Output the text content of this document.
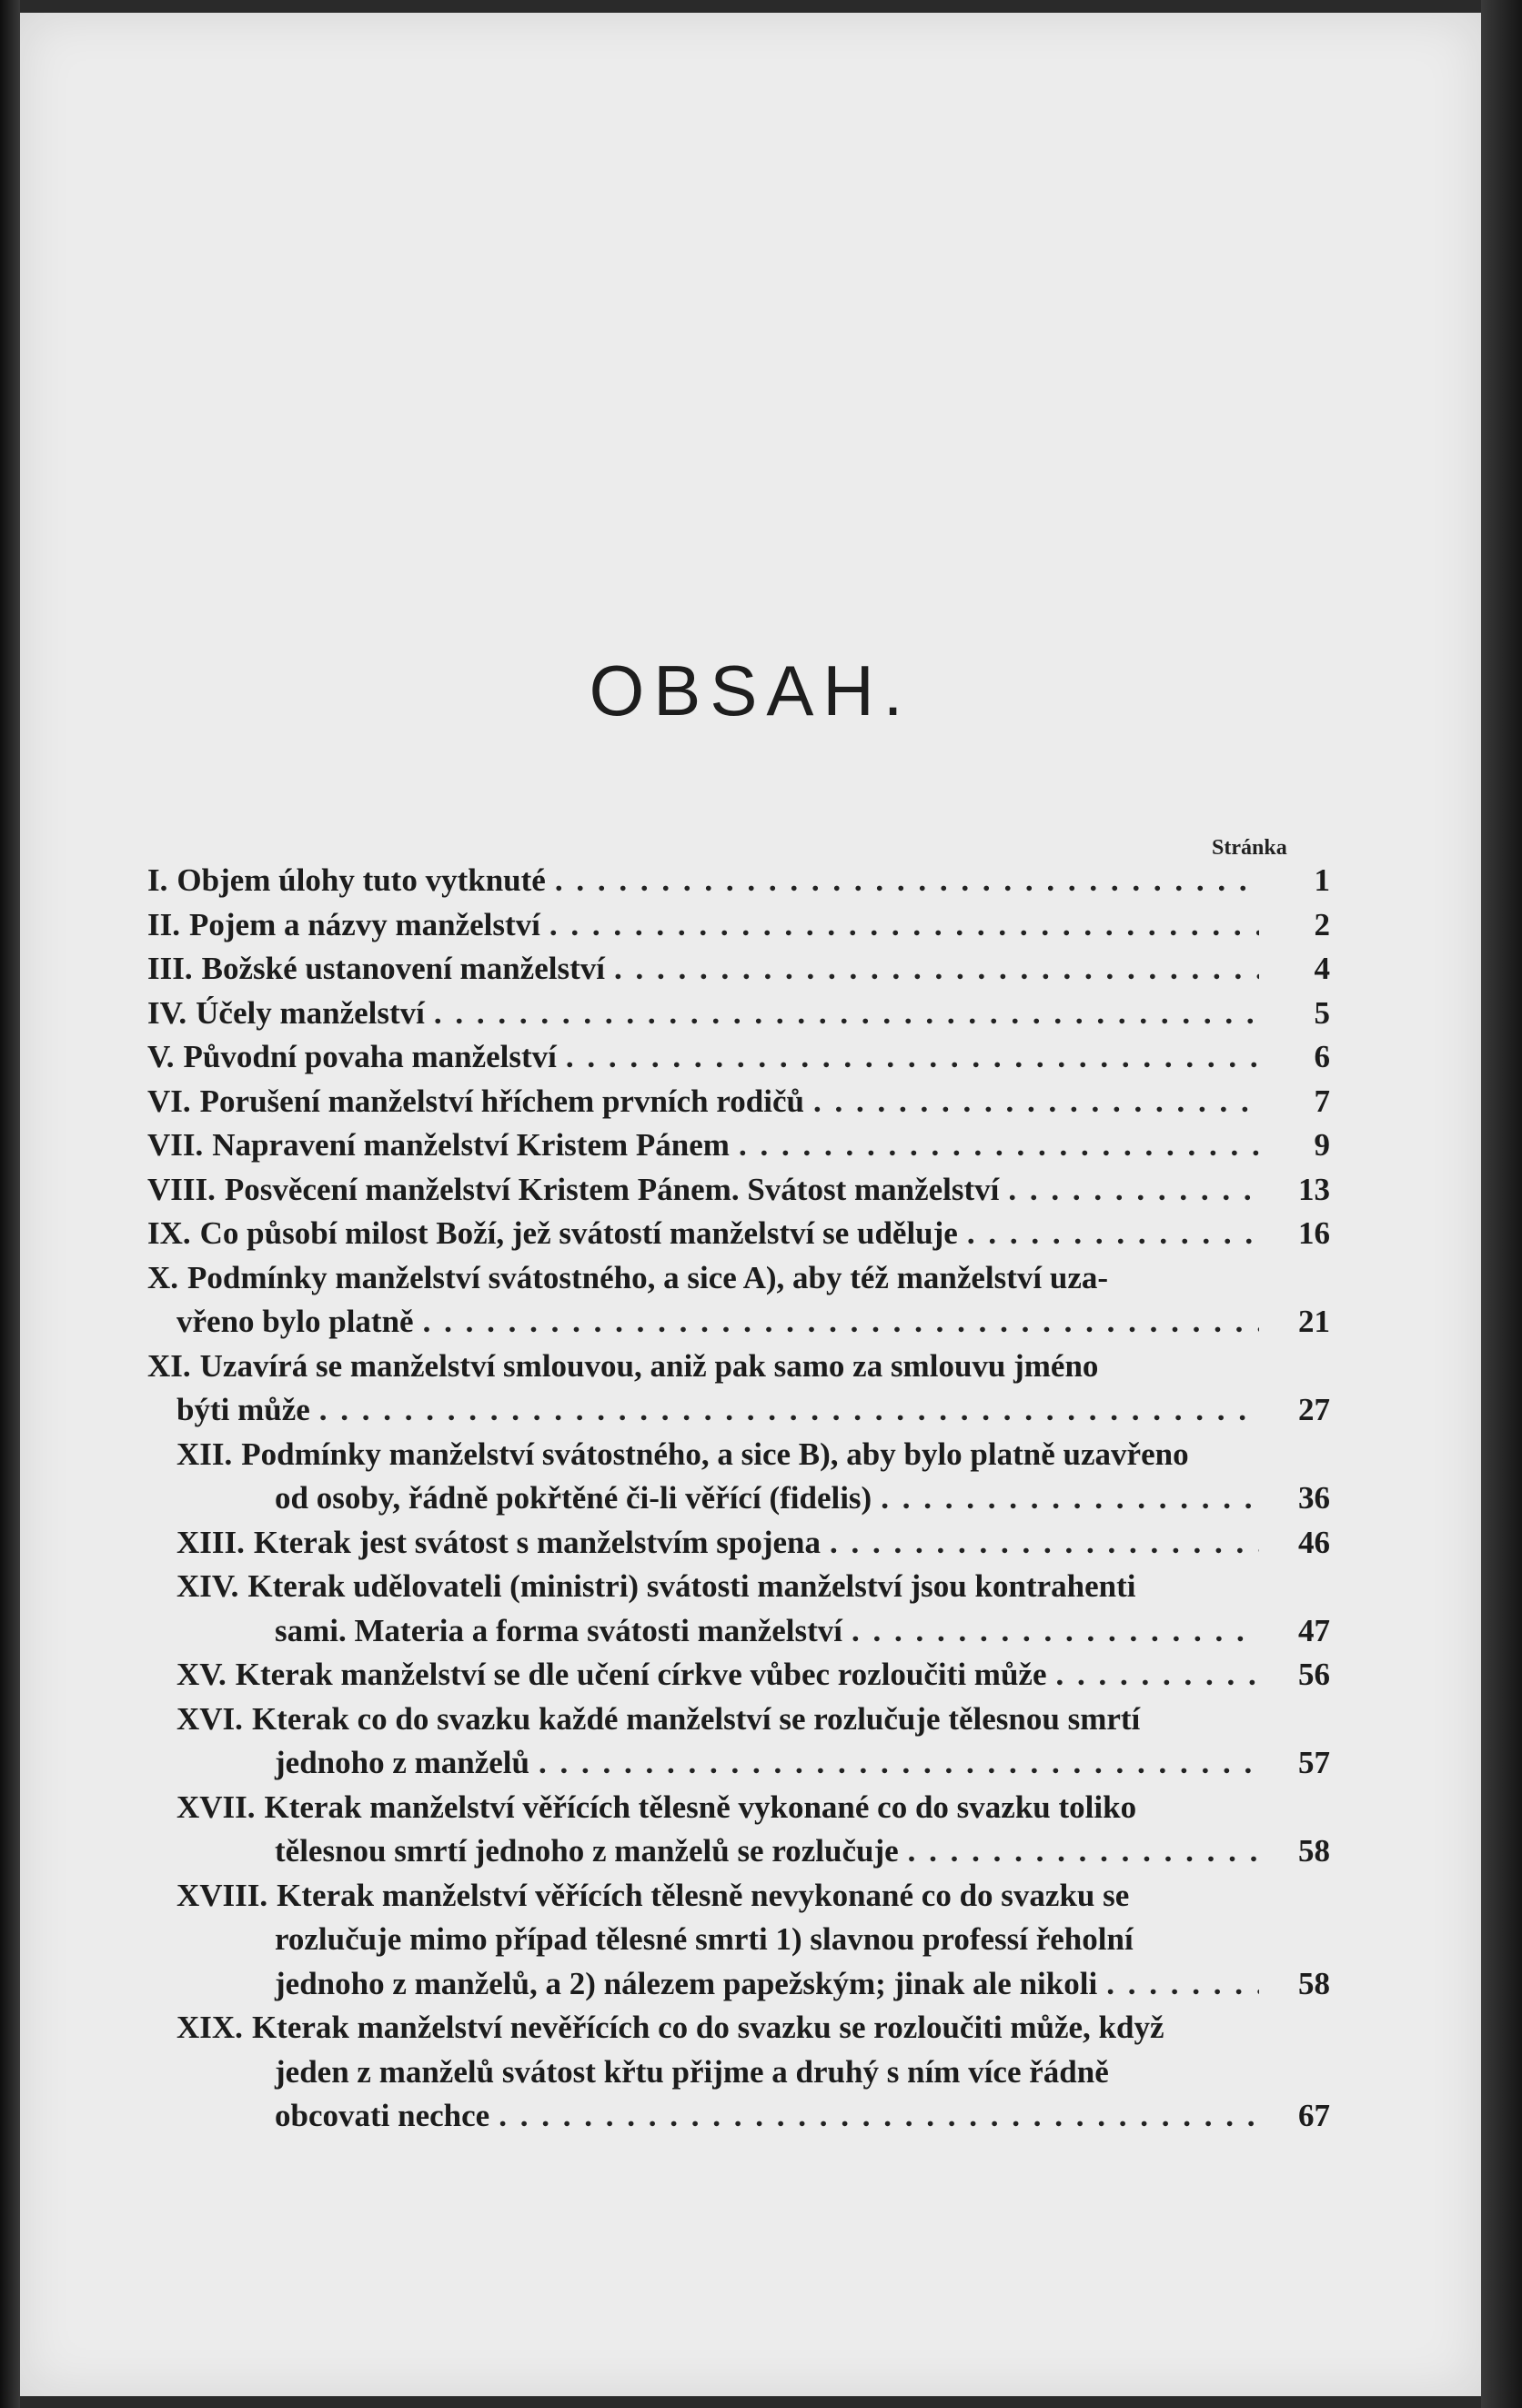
OBSAH.
Stránka
I. Objem úlohy tuto vytknuté . . .	1
II. Pojem a názvy manželství . . .	2
III. Božské ustanovení manželství . . .	4
IV. Účely manželství . . .	5
V. Původní povaha manželství . . .	6
VI. Porušení manželství hříchem prvních rodičů . . .	7
VII. Napravení manželství Kristem Pánem . . .	9
VIII. Posvěcení manželství Kristem Pánem. Svátost manželství . . .	13
IX. Co působí milost Boží, jež svátostí manželství se uděluje . . .	16
X. Podmínky manželství svátostného, a sice A), aby též manželství uza-
vřeno bylo platně . . .	21
XI. Uzavírá se manželství smlouvou, aniž pak samo za smlouvu jméno
býti může . . .	27
XII. Podmínky manželství svátostného, a sice B), aby bylo platně uzavřeno
od osoby, řádně pokřtěné či-li věřící (fidelis) . . .	36
XIII. Kterak jest svátost s manželstvím spojena . . .	46
XIV. Kterak udělovateli (ministri) svátosti manželství jsou kontrahenti
sami. Materia a forma svátosti manželství . . .	47
XV. Kterak manželství se dle učení církve vůbec rozloučiti může . . .	56
XVI. Kterak co do svazku každé manželství se rozlučuje tělesnou smrtí
jednoho z manželů . . .	57
XVII. Kterak manželství věřících tělesně vykonané co do svazku toliko
tělesnou smrtí jednoho z manželů se rozlučuje . . .	58
XVIII. Kterak manželství věřících tělesně nevykonané co do svazku se
rozlučuje mimo případ tělesné smrti 1) slavnou professí řeholní
jednoho z manželů, a 2) nálezem papežským; jinak ale nikoli . . .	58
XIX. Kterak manželství nevěřících co do svazku se rozloučiti může, když
jeden z manželů svátost křtu přijme a druhý s ním více řádně
obcovati nechce . . .	67
